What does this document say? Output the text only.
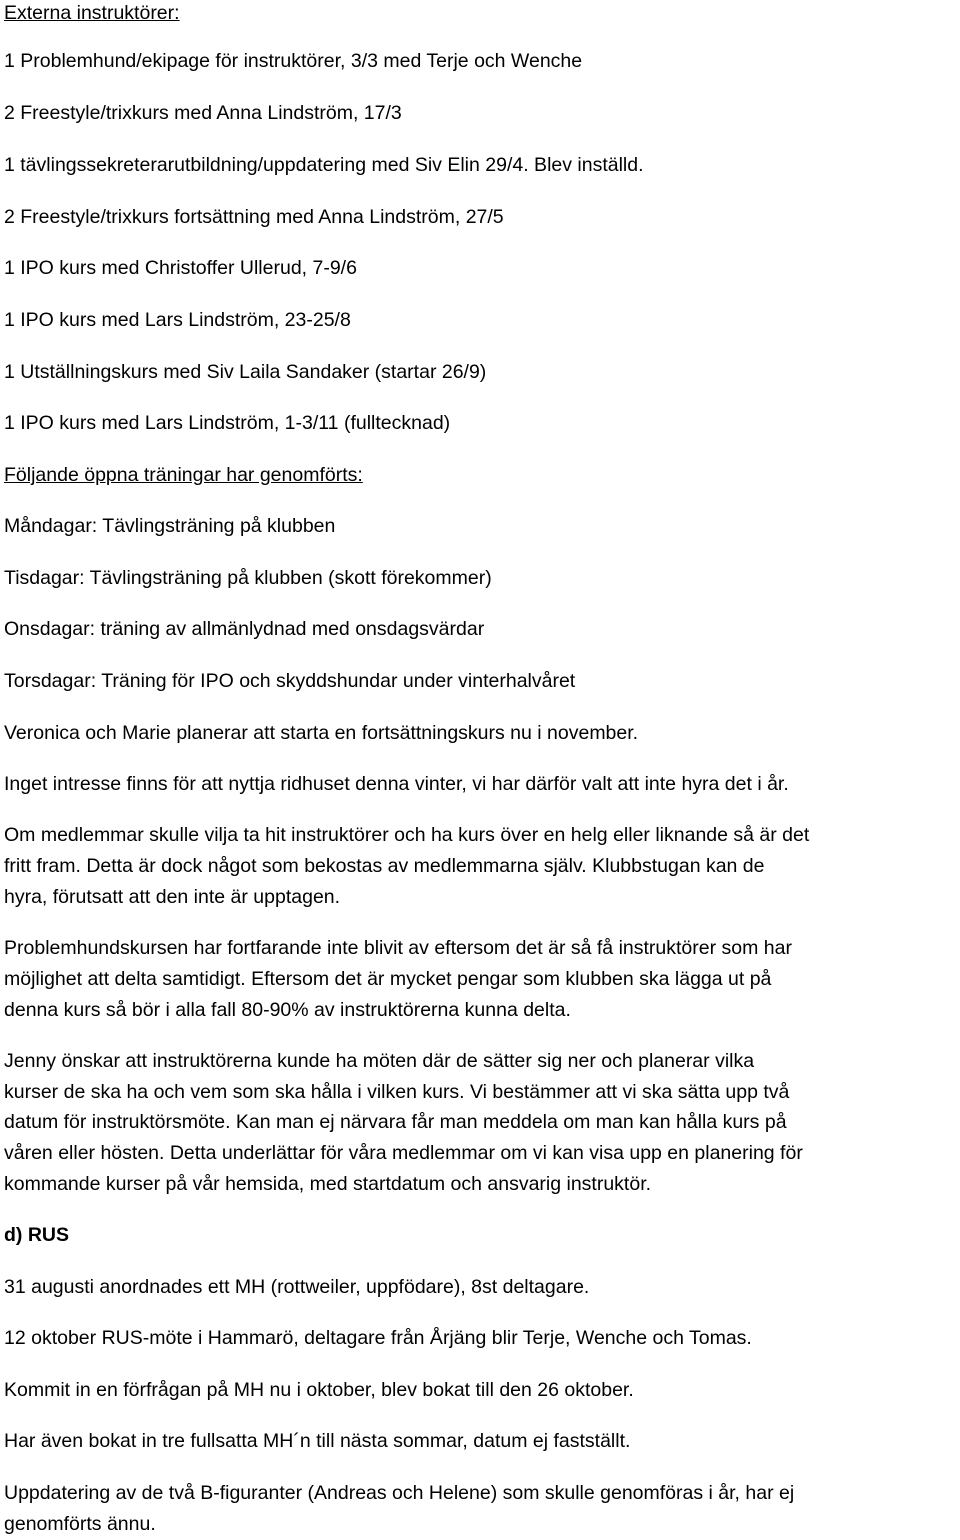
Externa instruktörer:

1 Problemhund/ekipage för instruktörer, 3/3 med Terje och Wenche

2 Freestyle/trixkurs med Anna Lindström, 17/3

1 tävlingssekreterarutbildning/uppdatering med Siv Elin 29/4. Blev inställd.

2 Freestyle/trixkurs fortsättning med Anna Lindström, 27/5

1 IPO kurs med Christoffer Ullerud, 7-9/6

1 IPO kurs med Lars Lindström, 23-25/8

1 Utställningskurs med Siv Laila Sandaker (startar 26/9)

1 IPO kurs med Lars Lindström, 1-3/11 (fulltecknad)

Följande öppna träningar har genomförts:

Måndagar: Tävlingsträning på klubben

Tisdagar: Tävlingsträning på klubben (skott förekommer)

Onsdagar: träning av allmänlydnad med onsdagsvärdar

Torsdagar: Träning för IPO och skyddshundar under vinterhalvåret

Veronica och Marie planerar att starta en fortsättningskurs nu i november.

Inget intresse finns för att nyttja ridhuset denna vinter, vi har därför valt att inte hyra det i år.

Om medlemmar skulle vilja ta hit instruktörer och ha kurs över en helg eller liknande så är det

fritt fram. Detta är dock något som bekostas av medlemmarna själv. Klubbstugan kan de

hyra, förutsatt att den inte är upptagen.

Problemhundskursen har fortfarande inte blivit av eftersom det är så få instruktörer som har

möjlighet att delta samtidigt. Eftersom det är mycket pengar som klubben ska lägga ut på

denna kurs så bör i alla fall 80-90% av instruktörerna kunna delta.

Jenny önskar att instruktörerna kunde ha möten där de sätter sig ner och planerar vilka

kurser de ska ha och vem som ska hålla i vilken kurs. Vi bestämmer att vi ska sätta upp två

datum för instruktörsmöte. Kan man ej närvara får man meddela om man kan hålla kurs på

våren eller hösten. Detta underlättar för våra medlemmar om vi kan visa upp en planering för

kommande kurser på vår hemsida, med startdatum och ansvarig instruktör.

d) RUS

31 augusti anordnades ett MH (rottweiler, uppfödare), 8st deltagare.

12 oktober RUS-möte i Hammarö, deltagare från Årjäng blir Terje, Wenche och Tomas.

Kommit in en förfrågan på MH nu i oktober, blev bokat till den 26 oktober.

Har även bokat in tre fullsatta MH´n till nästa sommar, datum ej fastställt.

Uppdatering av de två B-figuranter (Andreas och Helene) som skulle genomföras i år, har ej

genomförts ännu.
